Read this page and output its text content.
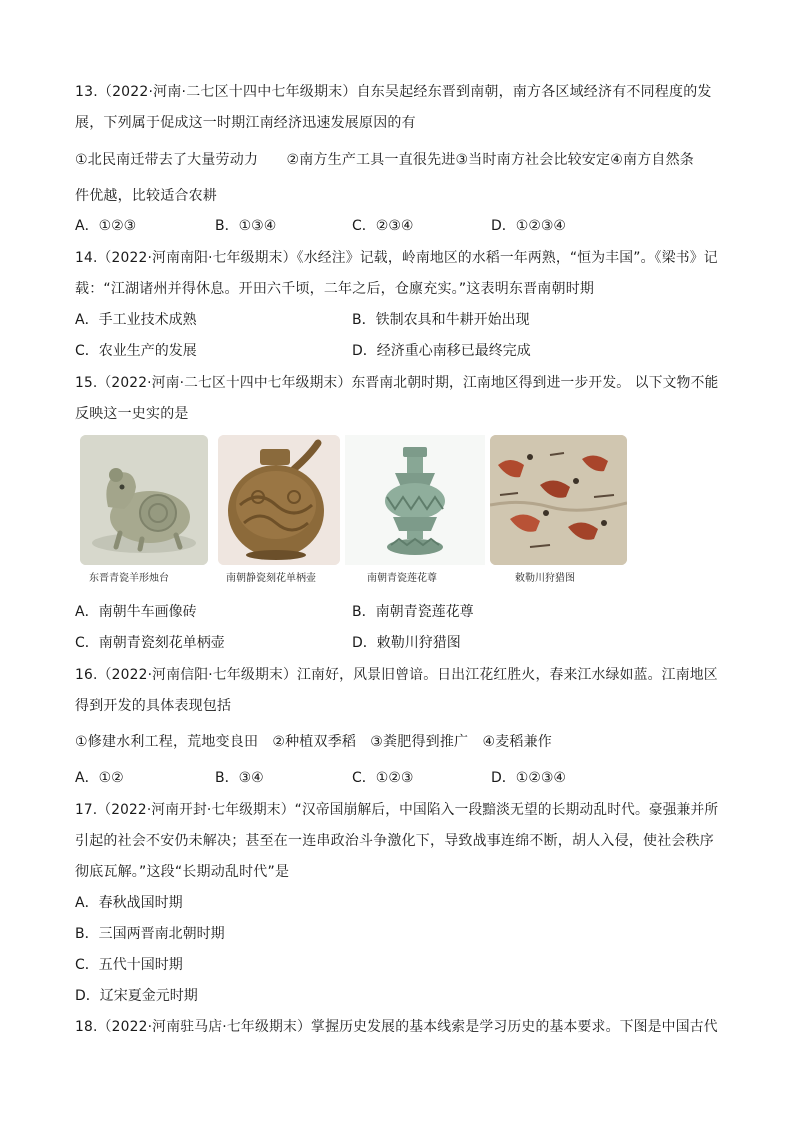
13.（2022·河南·二七区十四中七年级期末）自东吴起经东晋到南朝，南方各区域经济有不同程度的发
展，下列属于促成这一时期江南经济迅速发展原因的有
①北民南迁带去了大量劳动力　　②南方生产工具一直很先进③当时南方社会比较安定④南方自然条
件优越，比较适合农耕
A．①②③	B．①③④	C．②③④	D．①②③④
14.（2022·河南南阳·七年级期末）《水经注》记载，岭南地区的水稻一年两熟，“恒为丰国”。《梁书》记
载：“江湖诸州并得休息。开田六千顷，二年之后，仓廪充实。”这表明东晋南朝时期
A．手工业技术成熟	B．铁制农具和牛耕开始出现
C．农业生产的发展	D．经济重心南移已最终完成
15.（2022·河南·二七区十四中七年级期末）东晋南北朝时期，江南地区得到进一步开发。 以下文物不能
反映这一史实的是
东晋青瓷羊形烛台	南朝静瓷刻花单柄壶	南朝青瓷莲花尊	敕勒川狩猎图
A．南朝牛车画像砖	B．南朝青瓷莲花尊
C．南朝青瓷刻花单柄壶	D．敕勒川狩猎图
16.（2022·河南信阳·七年级期末）江南好，风景旧曾谙。日出江花红胜火，春来江水绿如蓝。江南地区
得到开发的具体表现包括
①修建水利工程，荒地变良田　②种植双季稻　③粪肥得到推广　④麦稻兼作
A．①②	B．③④	C．①②③	D．①②③④
17.（2022·河南开封·七年级期末）“汉帝国崩解后，中国陷入一段黯淡无望的长期动乱时代。豪强兼并所
引起的社会不安仍未解决；甚至在一连串政治斗争激化下，导致战事连绵不断，胡人入侵，使社会秩序
彻底瓦解。”这段“长期动乱时代”是
A．春秋战国时期
B．三国两晋南北朝时期
C．五代十国时期
D．辽宋夏金元时期
18.（2022·河南驻马店·七年级期末）掌握历史发展的基本线索是学习历史的基本要求。下图是中国古代
